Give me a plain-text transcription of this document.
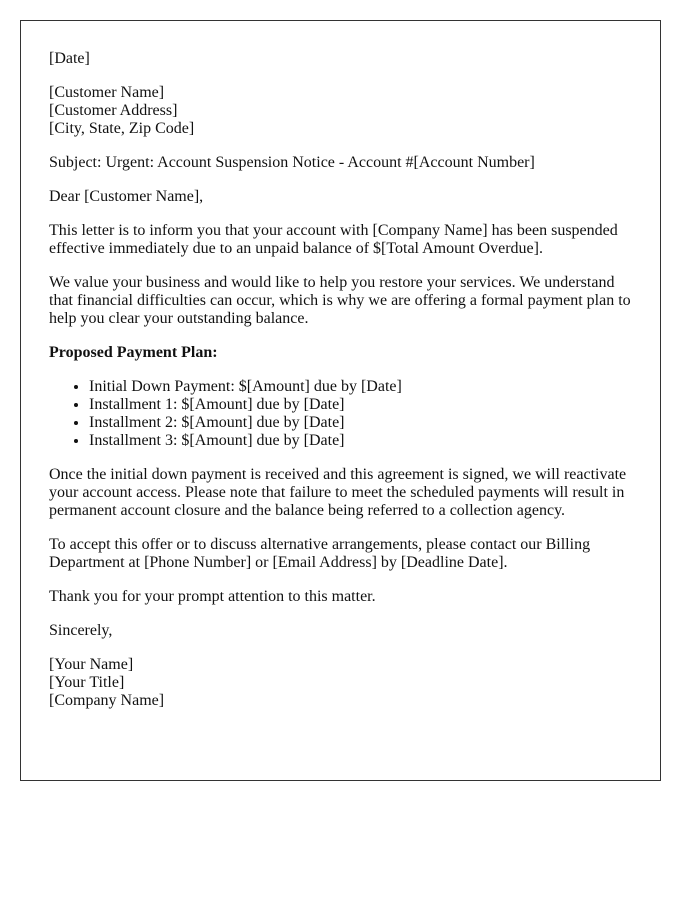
[Date]

[Customer Name]
[Customer Address]
[City, State, Zip Code]

Subject: Urgent: Account Suspension Notice - Account #[Account Number]

Dear [Customer Name],

This letter is to inform you that your account with [Company Name] has been suspended effective immediately due to an unpaid balance of $[Total Amount Overdue].

We value your business and would like to help you restore your services. We understand that financial difficulties can occur, which is why we are offering a formal payment plan to help you clear your outstanding balance.

Proposed Payment Plan:

• Initial Down Payment: $[Amount] due by [Date]
• Installment 1: $[Amount] due by [Date]
• Installment 2: $[Amount] due by [Date]
• Installment 3: $[Amount] due by [Date]

Once the initial down payment is received and this agreement is signed, we will reactivate your account access. Please note that failure to meet the scheduled payments will result in permanent account closure and the balance being referred to a collection agency.

To accept this offer or to discuss alternative arrangements, please contact our Billing Department at [Phone Number] or [Email Address] by [Deadline Date].

Thank you for your prompt attention to this matter.

Sincerely,

[Your Name]
[Your Title]
[Company Name]
